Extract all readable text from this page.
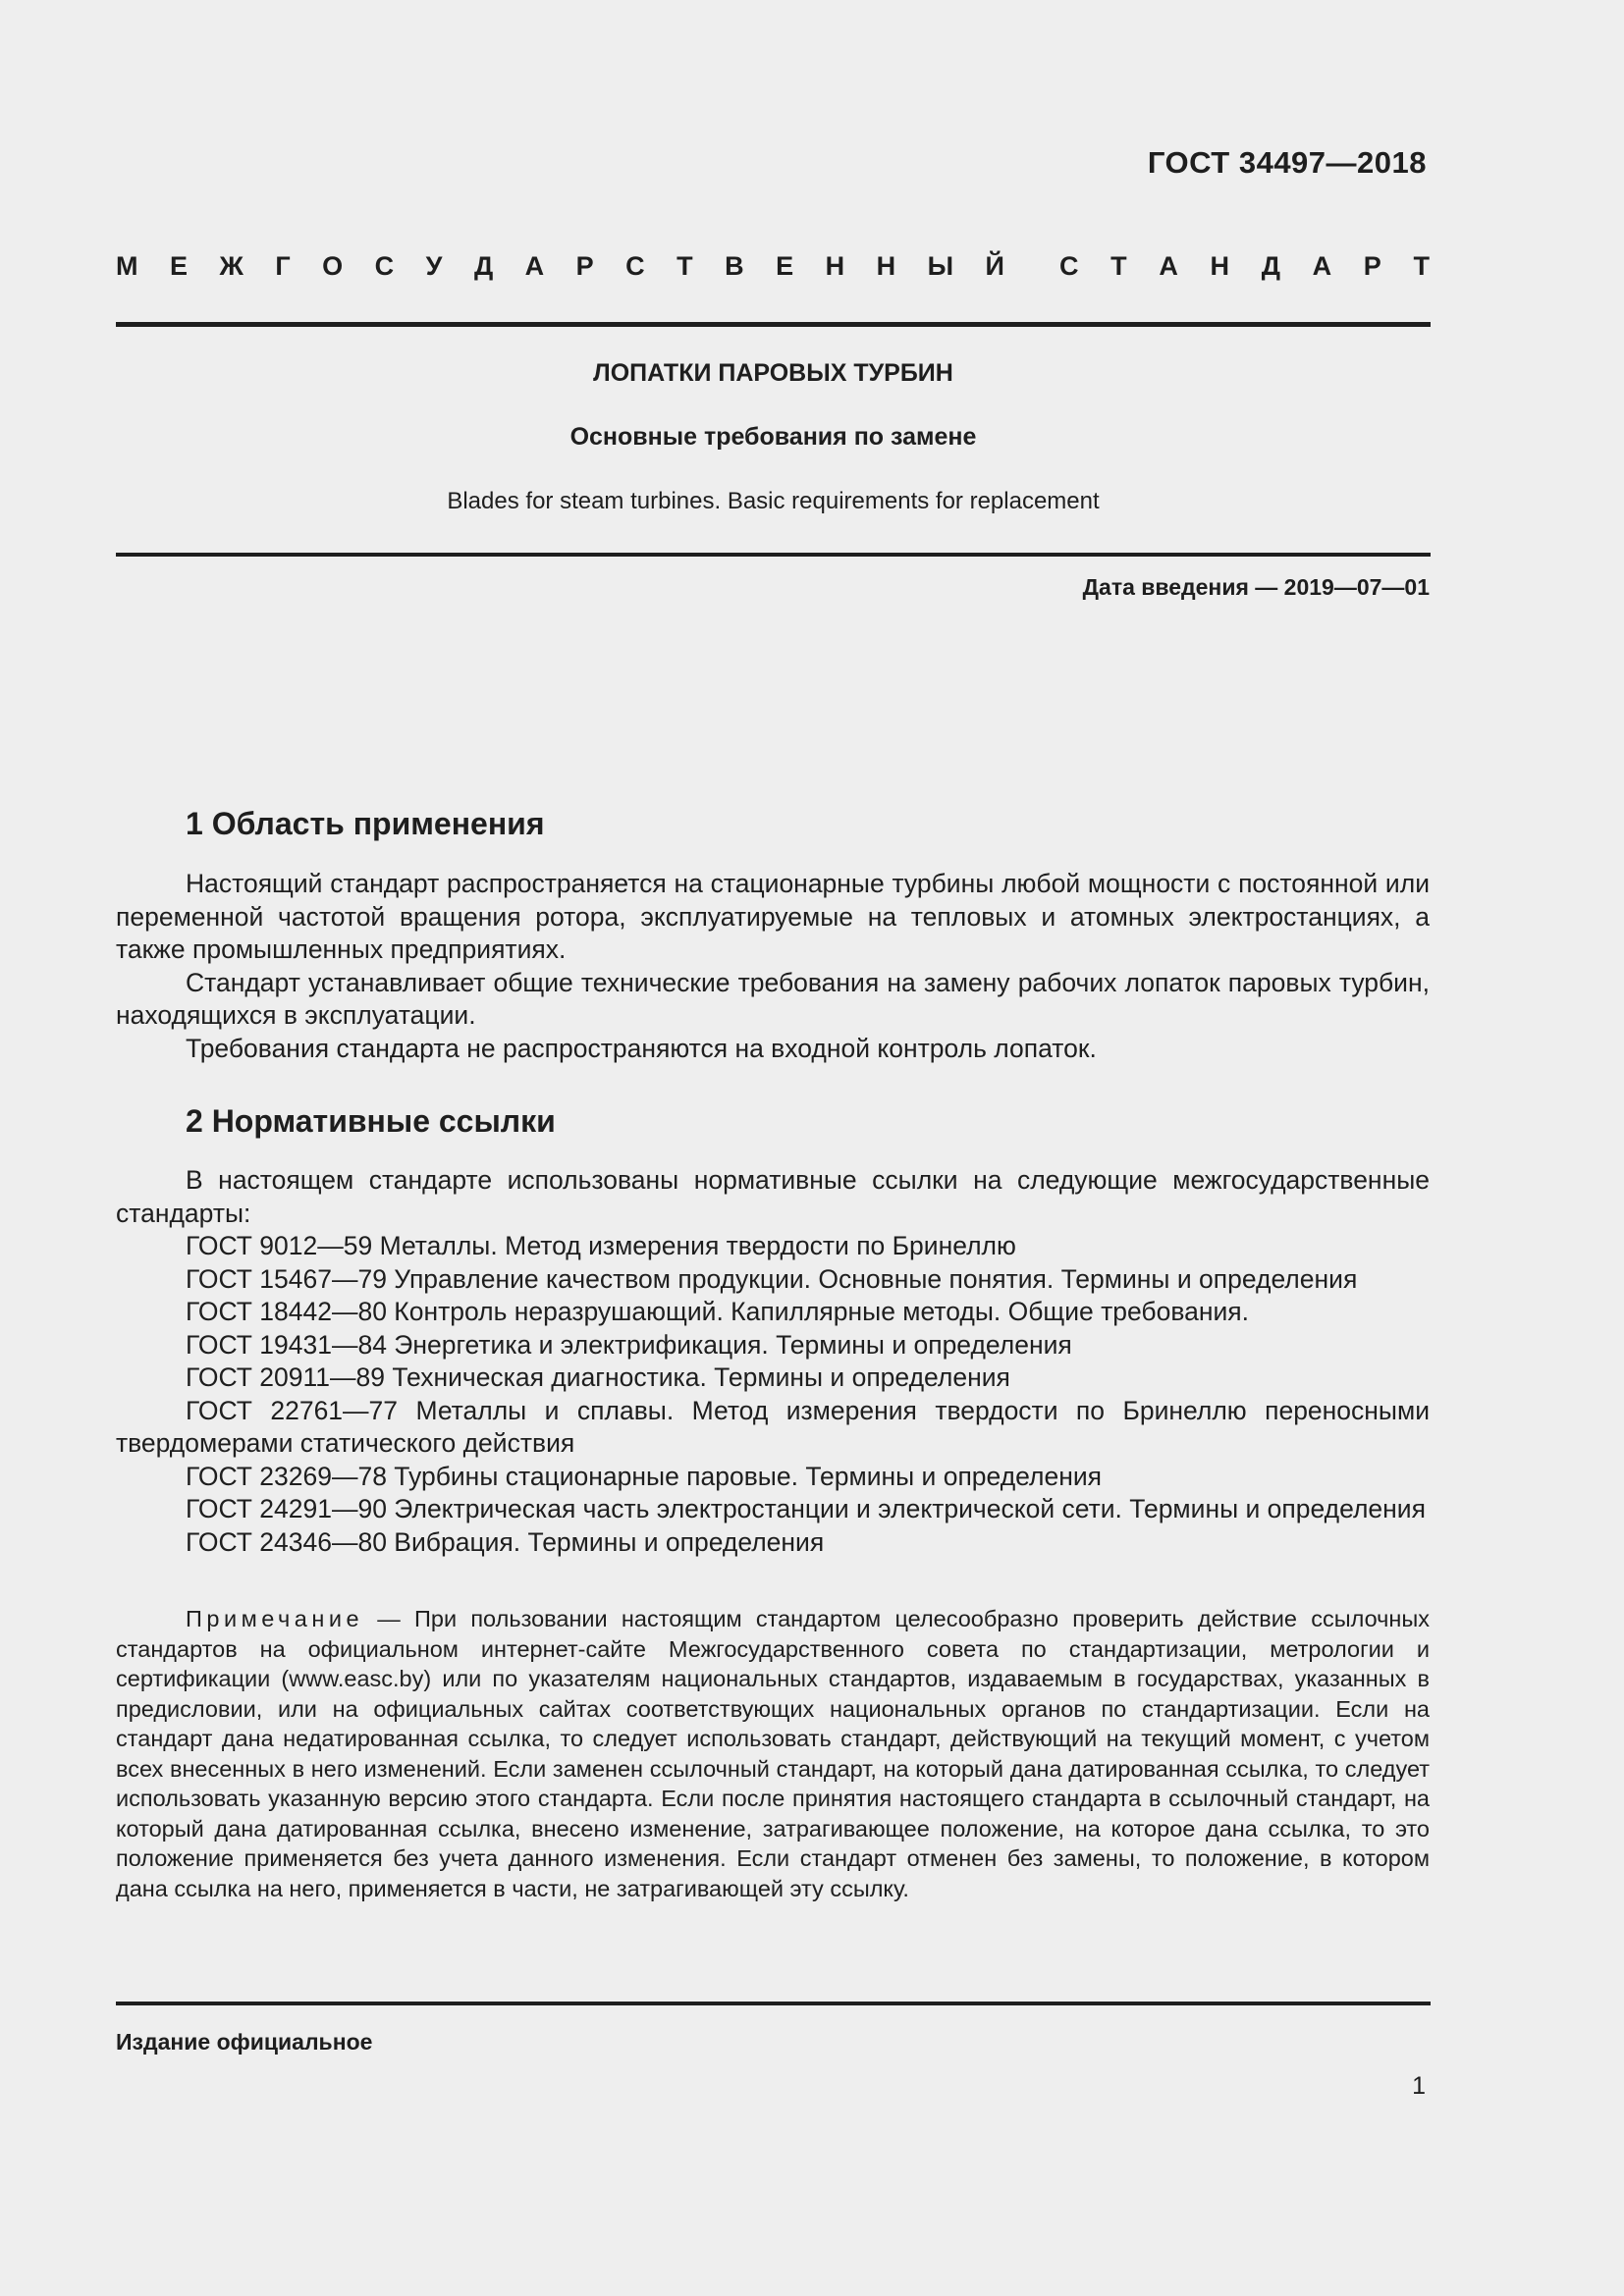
ГОСТ 34497—2018
М Е Ж Г О С У Д А Р С Т В Е Н Н Ы Й С Т А Н Д А Р Т
ЛОПАТКИ ПАРОВЫХ ТУРБИН
Основные требования по замене
Blades for steam turbines. Basic requirements for replacement
Дата введения — 2019—07—01
1 Область применения

Настоящий стандарт распространяется на стационарные турбины любой мощности с постоянной или переменной частотой вращения ротора, эксплуатируемые на тепловых и атомных электростанциях, а также промышленных предприятиях.

Стандарт устанавливает общие технические требования на замену рабочих лопаток паровых турбин, находящихся в эксплуатации.

Требования стандарта не распространяются на входной контроль лопаток.

2 Нормативные ссылки

В настоящем стандарте использованы нормативные ссылки на следующие межгосударственные стандарты:

ГОСТ 9012—59 Металлы. Метод измерения твердости по Бринеллю

ГОСТ 15467—79 Управление качеством продукции. Основные понятия. Термины и определения

ГОСТ 18442—80 Контроль неразрушающий. Капиллярные методы. Общие требования.

ГОСТ 19431—84 Энергетика и электрификация. Термины и определения

ГОСТ 20911—89 Техническая диагностика. Термины и определения

ГОСТ 22761—77 Металлы и сплавы. Метод измерения твердости по Бринеллю переносными твердомерами статического действия

ГОСТ 23269—78 Турбины стационарные паровые. Термины и определения

ГОСТ 24291—90 Электрическая часть электростанции и электрической сети. Термины и определения

ГОСТ 24346—80 Вибрация. Термины и определения

Примечание — При пользовании настоящим стандартом целесообразно проверить действие ссылочных стандартов на официальном интернет-сайте Межгосударственного совета по стандартизации, метрологии и сертификации (www.easc.by) или по указателям национальных стандартов, издаваемым в государствах, указанных в предисловии, или на официальных сайтах соответствующих национальных органов по стандартизации. Если на стандарт дана недатированная ссылка, то следует использовать стандарт, действующий на текущий момент, с учетом всех внесенных в него изменений. Если заменен ссылочный стандарт, на который дана датированная ссылка, то следует использовать указанную версию этого стандарта. Если после принятия настоящего стандарта в ссылочный стандарт, на который дана датированная ссылка, внесено изменение, затрагивающее положение, на которое дана ссылка, то это положение применяется без учета данного изменения. Если стандарт отменен без замены, то положение, в котором дана ссылка на него, применяется в части, не затрагивающей эту ссылку.
Издание официальное
1
